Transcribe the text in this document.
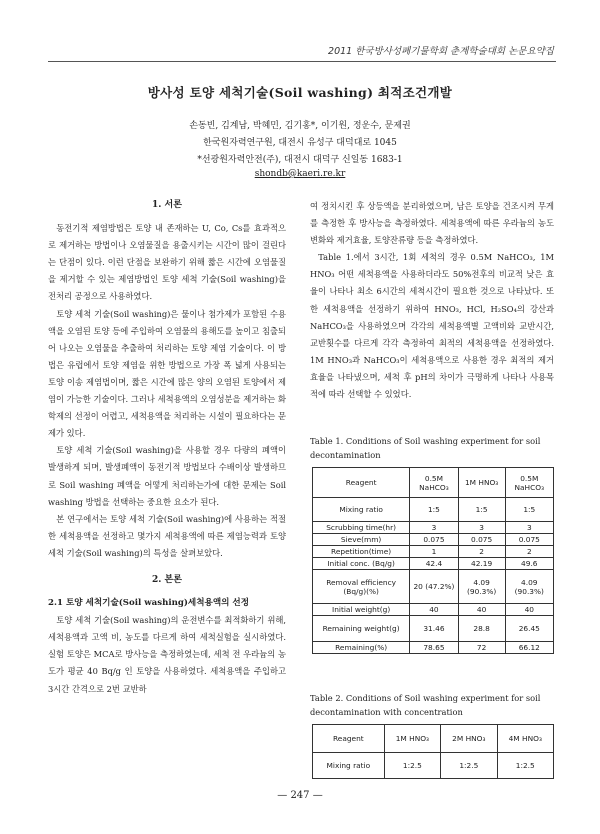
2011 한국방사성폐기물학회 춘계학술대회 논문요약집
방사성 토양 세척기술(Soil washing) 최적조건개발
손동빈, 김계남, 박혜민, 김기홍*, 이기원, 정운수, 문제권
한국원자력연구원, 대전시 유성구 대덕대로 1045
*선광원자력안전(주), 대전시 대덕구 신일동 1683-1
shondb@kaeri.re.kr

1. 서론

동전기적 제염방법은 토양 내 존재하는 U, Co, Cs를 효과적으로 제거하는 방법이나 오염물질을 용출시키는 시간이 많이 걸린다는 단점이 있다. 이런 단점을 보완하기 위해 짧은 시간에 오염물질을 제거할 수 있는 제염방법인 토양 세척 기술(Soil washing)을 전처리 공정으로 사용하였다.

토양 세척 기술(Soil washing)은 물이나 첨가제가 포함된 수용액을 오염된 토양 등에 주입하여 오염물의 용해도를 높이고 침출되어 나오는 오염물을 추출하여 처리하는 토양 제염 기술이다. 이 방법은 유럽에서 토양 제염을 위한 방법으로 가장 폭 넓게 사용되는 토양 이송 제염법이며, 짧은 시간에 많은 양의 오염된 토양에서 제염이 가능한 기술이다. 그러나 세척용액의 오염성분을 제거하는 화학제의 선정이 어렵고, 세척용액을 처리하는 시설이 필요하다는 문제가 있다.

토양 세척 기술(Soil washing)을 사용할 경우 다량의 폐액이 발생하게 되며, 발생폐액이 동전기적 방법보다 수배이상 발생하므로 Soil washing 폐액을 어떻게 처리하는가에 대한 문제는 Soil washing 방법을 선택하는 중요한 요소가 된다.

본 연구에서는 토양 세척 기술(Soil washing)에 사용하는 적절한 세척용액을 선정하고 몇가지 세척용액에 따른 제염능력과 토양 세척 기술(Soil washing)의 특성을 살펴보았다.

2. 본론

2.1 토양 세척기술(Soil washing)세척용액의 선정

토양 세척 기술(Soil washing)의 운전변수를 최적화하기 위해, 세척용액과 고액 비, 농도를 다르게 하여 세척실험을 실시하였다. 실험 토양은 MCA로 방사능을 측정하였는데, 세척 전 우라늄의 농도가 평균 40 Bq/g 인 토양을 사용하였다. 세척용액을 주입하고 3시간 간격으로 2번 교반하

여 정치시킨 후 상등액을 분리하였으며, 남은 토양을 건조시켜 무게를 측정한 후 방사능을 측정하였다. 세척용액에 따른 우라늄의 농도변화와 제거효율, 토양잔류량 등을 측정하였다.

Table 1.에서 3시간, 1회 세척의 경우 0.5M NaHCO₃, 1M HNO₃ 어떤 세척용액을 사용하더라도 50%전후의 비교적 낮은 효율이 나타나 최소 6시간의 세척시간이 필요한 것으로 나타났다. 또한 세척용액을 선정하기 위하여 HNO₃, HCl, H₂SO₄의 강산과 NaHCO₃을 사용하였으며 각각의 세척용액별 고액비와 교반시간, 교반횟수를 다르게 각각 측정하여 최적의 세척용액을 선정하였다. 1M HNO₃과 NaHCO₃이 세척용액으로 사용한 경우 최적의 제거효율을 나타냈으며, 세척 후 pH의 차이가 극명하게 나타나 사용목적에 따라 선택할 수 있었다.

Table 1. Conditions of Soil washing experiment for soil decontamination
Reagent	0.5M NaHCO₃	1M HNO₃	0.5M NaHCO₃
Mixing ratio	1:5	1:5	1:5
Scrubbing time(hr)	3	3	3
Sieve(mm)	0.075	0.075	0.075
Repetition(time)	1	2	2
Initial conc. (Bq/g)	42.4	42.19	49.6
Removal efficiency (Bq/g)(%)	20 (47.2%)	4.09 (90.3%)	4.09 (90.3%)
Initial weight(g)	40	40	40
Remaining weight(g)	31.46	28.8	26.45
Remaining(%)	78.65	72	66.12
Table 2. Conditions of Soil washing experiment for soil decontamination with concentration
Reagent	1M HNO₃	2M HNO₃	4M HNO₃
Mixing ratio	1:2.5	1:2.5	1:2.5
— 247 —
